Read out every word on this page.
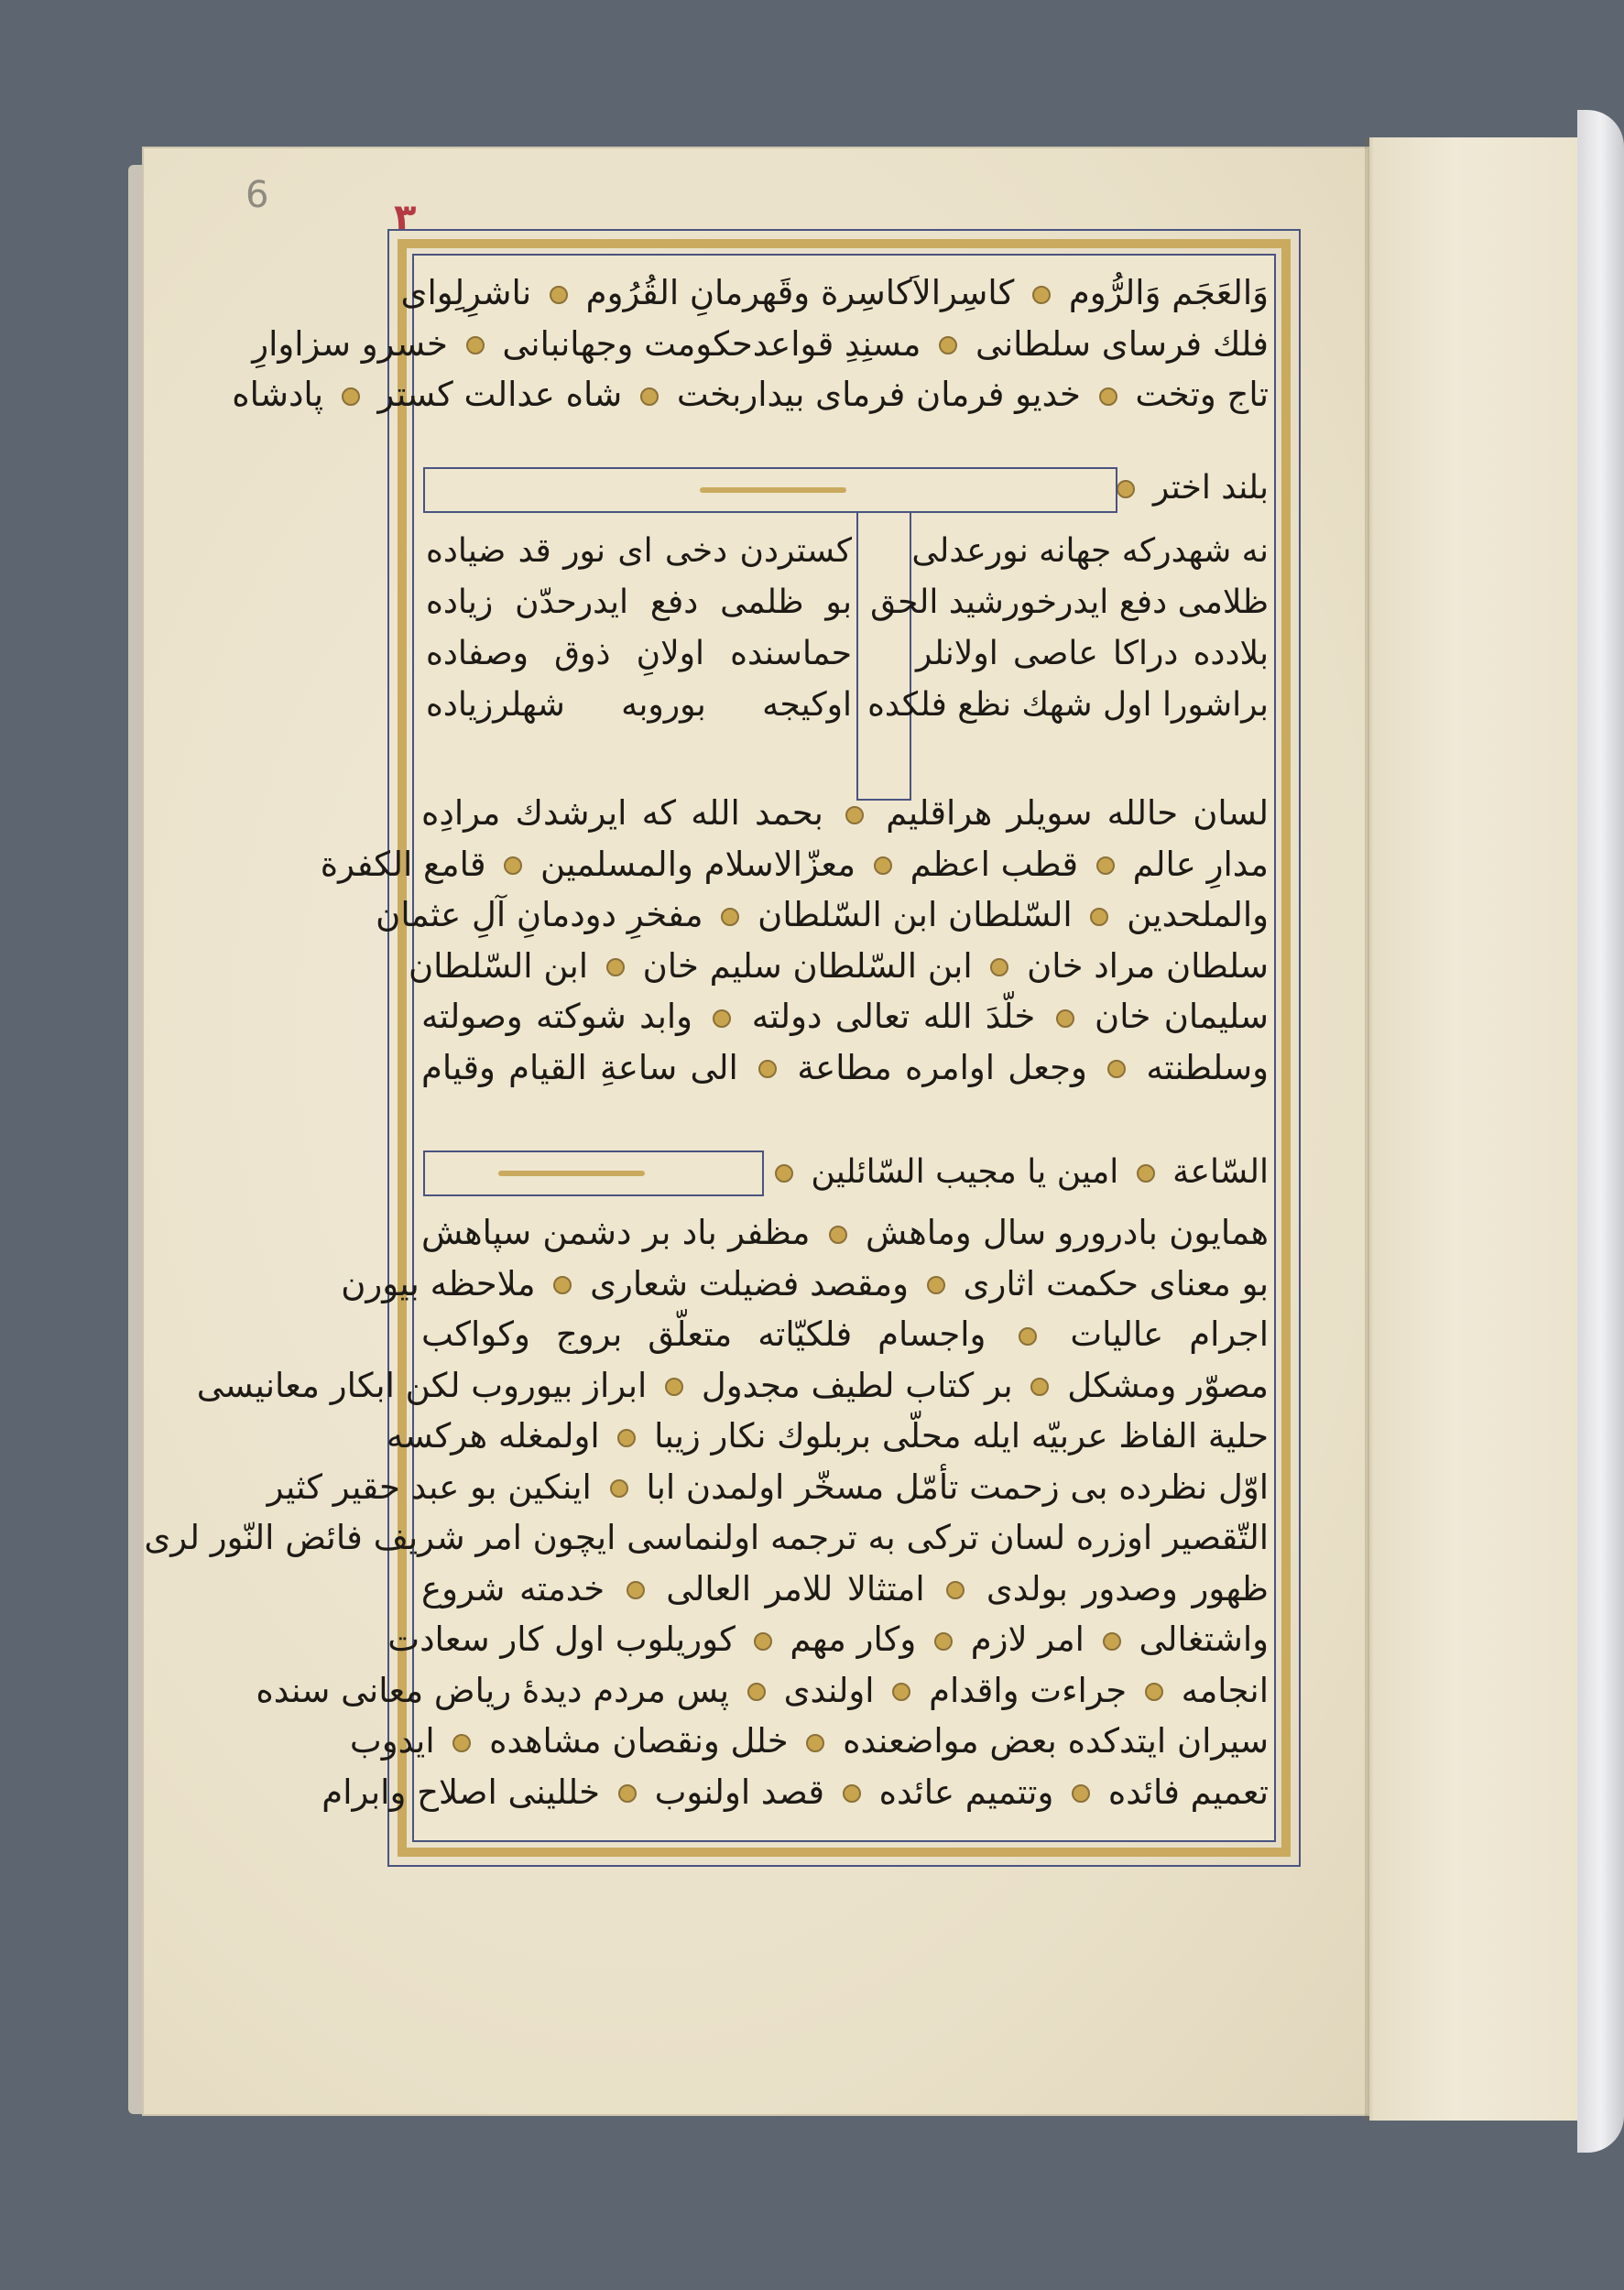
6
٣
وَالعَجَم وَالرُّوم  كاسِرالاَكاسِرة وقَهرمانِ القُرُوم  ناشرِلِواى
فلك فرساى سلطانى  مسنِدِ قواعدحكومت وجهانبانى  خسرو سزاوارِ
تاج وتخت  خديو فرمان فرماى بيداربخت  شاه عدالت كستر  پادشاه
بلند اختر
نه شهدركه جهانه نورعدلى
ظلامى دفع ايدرخورشيد الحق
بلادده دراكا عاصى اولانلر
براشورا اول شهك نظع فلكده
كستردن دخى اى نور قد ضياده
بو ظلمى دفع ايدرحدّن زياده
حماسنده اولانِ ذوق وصفاده
اوكيجه بوروبه شهلرزياده
لسان حالله سويلر هراقليم  بحمد الله كه ايرشدك مرادِه
مدارِ عالم  قطب اعظم  معزّالاسلام والمسلمين  قامع الكفرة
والملحدين  السّلطان ابن السّلطان  مفخرِ دودمانِ آلِ عثمان
سلطان مراد خان  ابن السّلطان سليم خان  ابن السّلطان
سليمان خان  خلّدَ الله تعالى دولته  وابد شوكته وصولته
وسلطنته  وجعل اوامره مطاعة  الى ساعةِ القيام وقيام
السّاعة  امين يا مجيب السّائلين
همايون بادرورو سال وماهش  مظفر باد بر دشمن سپاهش
بو معناى حكمت اثارى  ومقصد فضيلت شعارى  ملاحظه بيورن
اجرام عاليات  واجسام فلكيّاته متعلّق بروج وكواكب
مصوّر ومشكل  بر كتاب لطيف مجدول  ابراز بيوروب لكن ابكار معانيسى
حلية الفاظ عربيّه ايله محلّى بربلوك نكار زيبا  اولمغله هركسه
اوّل نظرده بى زحمت تأمّل مسخّر اولمدن ابا  اينكين بو عبد حقير كثير
التّقصير اوزره لسان تركى به ترجمه اولنماسى ايچون امر شريف فائض النّور لرى
ظهور وصدور بولدى  امتثالا للامر العالى  خدمته شروع
واشتغالى  امر لازم  وكار مهم  كوريلوب اول كار سعادت
انجامه  جراءت واقدام  اولندى  پس مردم ديدهٔ رياض معانى سنده
سيران ايتدكده بعض مواضعنده  خلل ونقصان مشاهده  ايدوب
تعميم فائده  وتتميم عائده  قصد اولنوب  خللينى اصلاح وابرام
